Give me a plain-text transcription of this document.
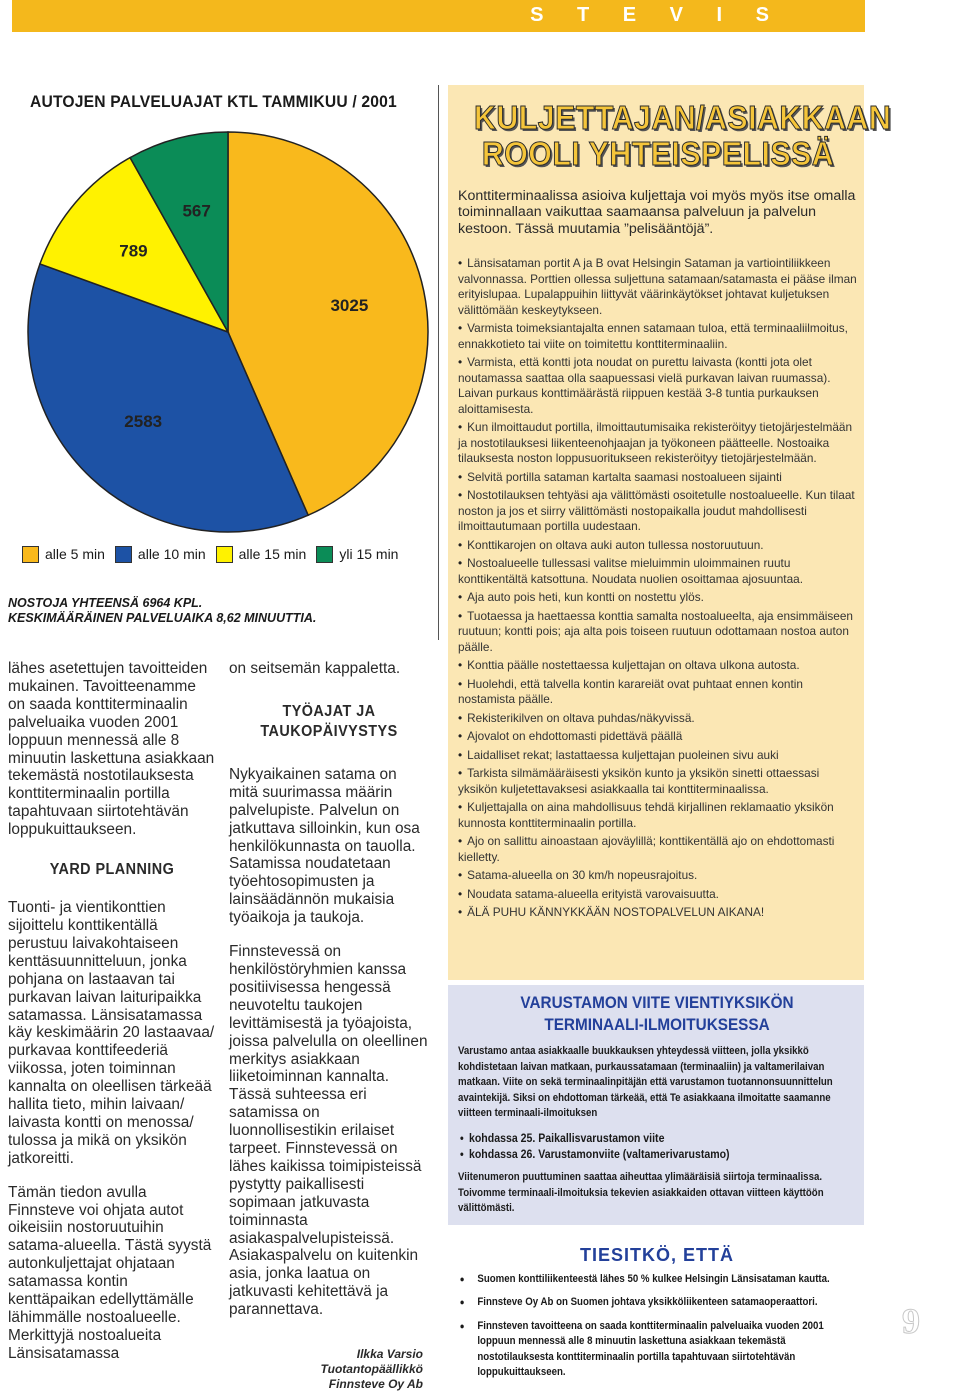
S T E V I S
AUTOJEN PALVELUAJAT KTL TAMMIKUU / 2001
3025
2583
789
567
alle 5 min alle 10 min alle 15 min yli 15 min
NOSTOJA YHTEENSÄ 6964 KPL.
KESKIMÄÄRÄINEN PALVELUAIKA 8,62 MINUUTTIA.

lähes asetettujen tavoitteiden mukainen. Tavoitteenamme on saada konttiterminaalin palveluaika vuoden 2001 loppuun mennessä alle 8 minuutin laskettuna asiakkaan tekemästä nostotilauksesta konttiterminaalin portilla tapahtuvaan siirtotehtävän loppukuittaukseen.

YARD PLANNING

Tuonti- ja vientikonttien sijoittelu konttikentällä perustuu laivakohtaiseen kenttäsuunnitteluun, jonka pohjana on lastaavan tai purkavan laivan laituripaikka satamassa. Länsisatamassa käy keskimäärin 20 lastaavaa/ purkavaa konttifeederiä viikossa, joten toiminnan kannalta on oleellisen tärkeää hallita tieto, mihin laivaan/ laivasta kontti on menossa/ tulossa ja mikä on yksikön jatkoreitti.

Tämän tiedon avulla Finnsteve voi ohjata autot oikeisiin nostoruutuihin satama-alueella. Tästä syystä autonkuljettajat ohjataan satamassa kontin kenttäpaikan edellyttämälle lähimmälle nostoalueelle. Merkittyjä nostoalueita Länsisatamassa

on seitsemän kappaletta.

TYÖAJAT JA TAUKOPÄIVYSTYS

Nykyaikainen satama on mitä suurimassa määrin palvelupiste. Palvelun on jatkuttava silloinkin, kun osa henkilökunnasta on tauolla. Satamissa noudatetaan työehtosopimusten ja lainsäädännön mukaisia työaikoja ja taukoja.

Finnstevessä on henkilöstöryhmien kanssa positiivisessa hengessä neuvoteltu taukojen levittämisestä ja työajoista, joissa palvelulla on oleellinen merkitys asiakkaan liiketoiminnan kannalta. Tässä suhteessa eri satamissa on luonnollisestikin erilaiset tarpeet. Finnstevessä on lähes kaikissa toimipisteissä pystytty paikallisesti sopimaan jatkuvasta toiminnasta asiakaspalvelupisteissä. Asiakaspalvelu on kuitenkin asia, jonka laatua on jatkuvasti kehitettävä ja parannettava.

Ilkka Varsio
Tuotantopäällikkö
Finnsteve Oy Ab
KULJETTAJAN/ASIAKKAAN
ROOLI YHTEISPELISSÄ
Konttiterminaalissa asioiva kuljettaja voi myös myös itse omalla toiminnallaan vaikuttaa saamaansa palveluun ja palvelun kestoon. Tässä muutamia ”pelisääntöjä”.
• Länsisataman portit A ja B ovat Helsingin Sataman ja vartiointiliikkeen valvonnassa. Porttien ollessa suljettuna satamaan/satamasta ei pääse ilman erityislupaa. Lupalappuihin liittyvät väärinkäytökset johtavat kuljetuksen välittömään keskeytykseen.
• Varmista toimeksiantajalta ennen satamaan tuloa, että terminaaliilmoitus, ennakkotieto tai viite on toimitettu konttiterminaaliin.
• Varmista, että kontti jota noudat on purettu laivasta (kontti jota olet noutamassa saattaa olla saapuessasi vielä purkavan laivan ruumassa). Laivan purkaus konttimäärästä riippuen kestää 3-8 tuntia purkauksen aloittamisesta.
• Kun ilmoittaudut portilla, ilmoittautumisaika rekisteröityy tietojärjestelmään ja nostotilauksesi liikenteenohjaajan ja työkoneen päätteelle. Nostoaika tilauksesta noston loppusuoritukseen rekisteröityy tietojärjestelmään.
• Selvitä portilla sataman kartalta saamasi nostoalueen sijainti
• Nostotilauksen tehtyäsi aja välittömästi osoitetulle nostoalueelle. Kun tilaat noston ja jos et siirry välittömästi nostopaikalla joudut mahdollisesti ilmoittautumaan portilla uudestaan.
• Konttikarojen on oltava auki auton tullessa nostoruutuun.
• Nostoalueelle tullessasi valitse mieluimmin uloimmainen ruutu konttikentältä katsottuna. Noudata nuolien osoittamaa ajosuuntaa.
• Aja auto pois heti, kun kontti on nostettu ylös.
• Tuotaessa ja haettaessa konttia samalta nostoalueelta, aja ensimmäiseen ruutuun; kontti pois; aja alta pois toiseen ruutuun odottamaan nostoa auton päälle.
• Konttia päälle nostettaessa kuljettajan on oltava ulkona autosta.
• Huolehdi, että talvella kontin karareiät ovat puhtaat ennen kontin nostamista päälle.
• Rekisterikilven on oltava puhdas/näkyvissä.
• Ajovalot on ehdottomasti pidettävä päällä
• Laidalliset rekat; lastattaessa kuljettajan puoleinen sivu auki
• Tarkista silmämääräisesti yksikön kunto ja yksikön sinetti ottaessasi yksikön kuljetettavaksesi asiakkaalla tai konttiterminaalissa.
• Kuljettajalla on aina mahdollisuus tehdä kirjallinen reklamaatio yksikön kunnosta konttiterminaalin portilla.
• Ajo on sallittu ainoastaan ajoväylillä; konttikentällä ajo on ehdottomasti kielletty.
• Satama-alueella on 30 km/h nopeusrajoitus.
• Noudata satama-alueella erityistä varovaisuutta.
• ÄLÄ PUHU KÄNNYKKÄÄN NOSTOPALVELUN AIKANA!
VARUSTAMON VIITE VIENTIYKSIKÖN
TERMINAALI-ILMOITUKSESSA
Varustamo antaa asiakkaalle buukkauksen yhteydessä viitteen, jolla yksikkö kohdistetaan laivan matkaan, purkaussatamaan (terminaaliin) ja valtamerilaivan matkaan. Viite on sekä terminaalinpitäjän että varustamon tuotannonsuunnittelun avaintekijä. Siksi on ehdottoman tärkeää, että Te asiakkaana ilmoitatte saamanne viitteen terminaali-ilmoituksen
• kohdassa 25. Paikallisvarustamon viite
• kohdassa 26. Varustamonviite (valtamerivarustamo)
Viitenumeron puuttuminen saattaa aiheuttaa ylimääräisiä siirtoja terminaalissa. Toivomme terminaali-ilmoituksia tekevien asiakkaiden ottavan viitteen käyttöön välittömästi.
TIESITKÖ, ETTÄ
● Suomen konttiliikenteestä lähes 50 % kulkee Helsingin Länsisataman kautta.
● Finnsteve Oy Ab on Suomen johtava yksikköliikenteen satamaoperaattori.
● Finnsteven tavoitteena on saada konttiterminaalin palveluaika vuoden 2001 loppuun mennessä alle 8 minuutin laskettuna asiakkaan tekemästä nostotilauksesta konttiterminaalin portilla tapahtuvaan siirtotehtävän loppukuittaukseen.
9
